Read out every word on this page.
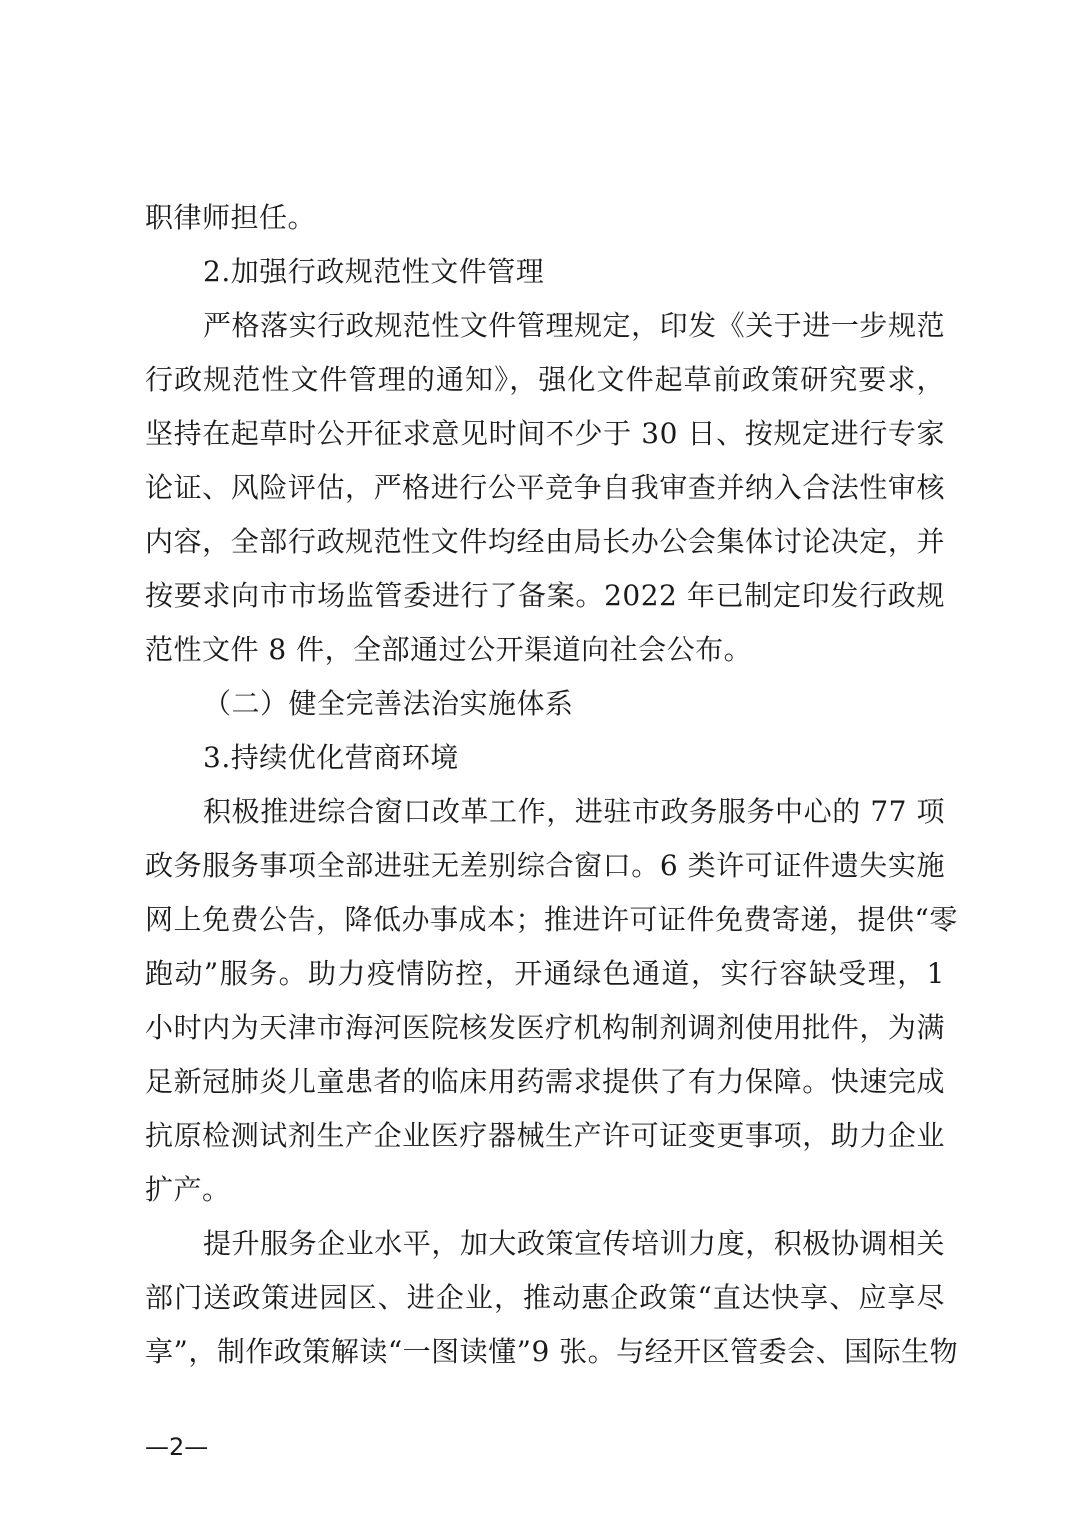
职律师担任。
2.加强行政规范性文件管理
严格落实行政规范性文件管理规定，印发《关于进一步规范
行政规范性文件管理的通知》，强化文件起草前政策研究要求，
坚持在起草时公开征求意见时间不少于 30 日、按规定进行专家
论证、风险评估，严格进行公平竞争自我审查并纳入合法性审核
内容，全部行政规范性文件均经由局长办公会集体讨论决定，并
按要求向市市场监管委进行了备案。2022 年已制定印发行政规
范性文件 8 件，全部通过公开渠道向社会公布。
（二）健全完善法治实施体系
3.持续优化营商环境
积极推进综合窗口改革工作，进驻市政务服务中心的 77 项
政务服务事项全部进驻无差别综合窗口。6 类许可证件遗失实施
网上免费公告，降低办事成本；推进许可证件免费寄递，提供“零
跑动”服务。助力疫情防控，开通绿色通道，实行容缺受理，1
小时内为天津市海河医院核发医疗机构制剂调剂使用批件，为满
足新冠肺炎儿童患者的临床用药需求提供了有力保障。快速完成
抗原检测试剂生产企业医疗器械生产许可证变更事项，助力企业
扩产。
提升服务企业水平，加大政策宣传培训力度，积极协调相关
部门送政策进园区、进企业，推动惠企政策“直达快享、应享尽
享”，制作政策解读“一图读懂”9 张。与经开区管委会、国际生物
—2—
